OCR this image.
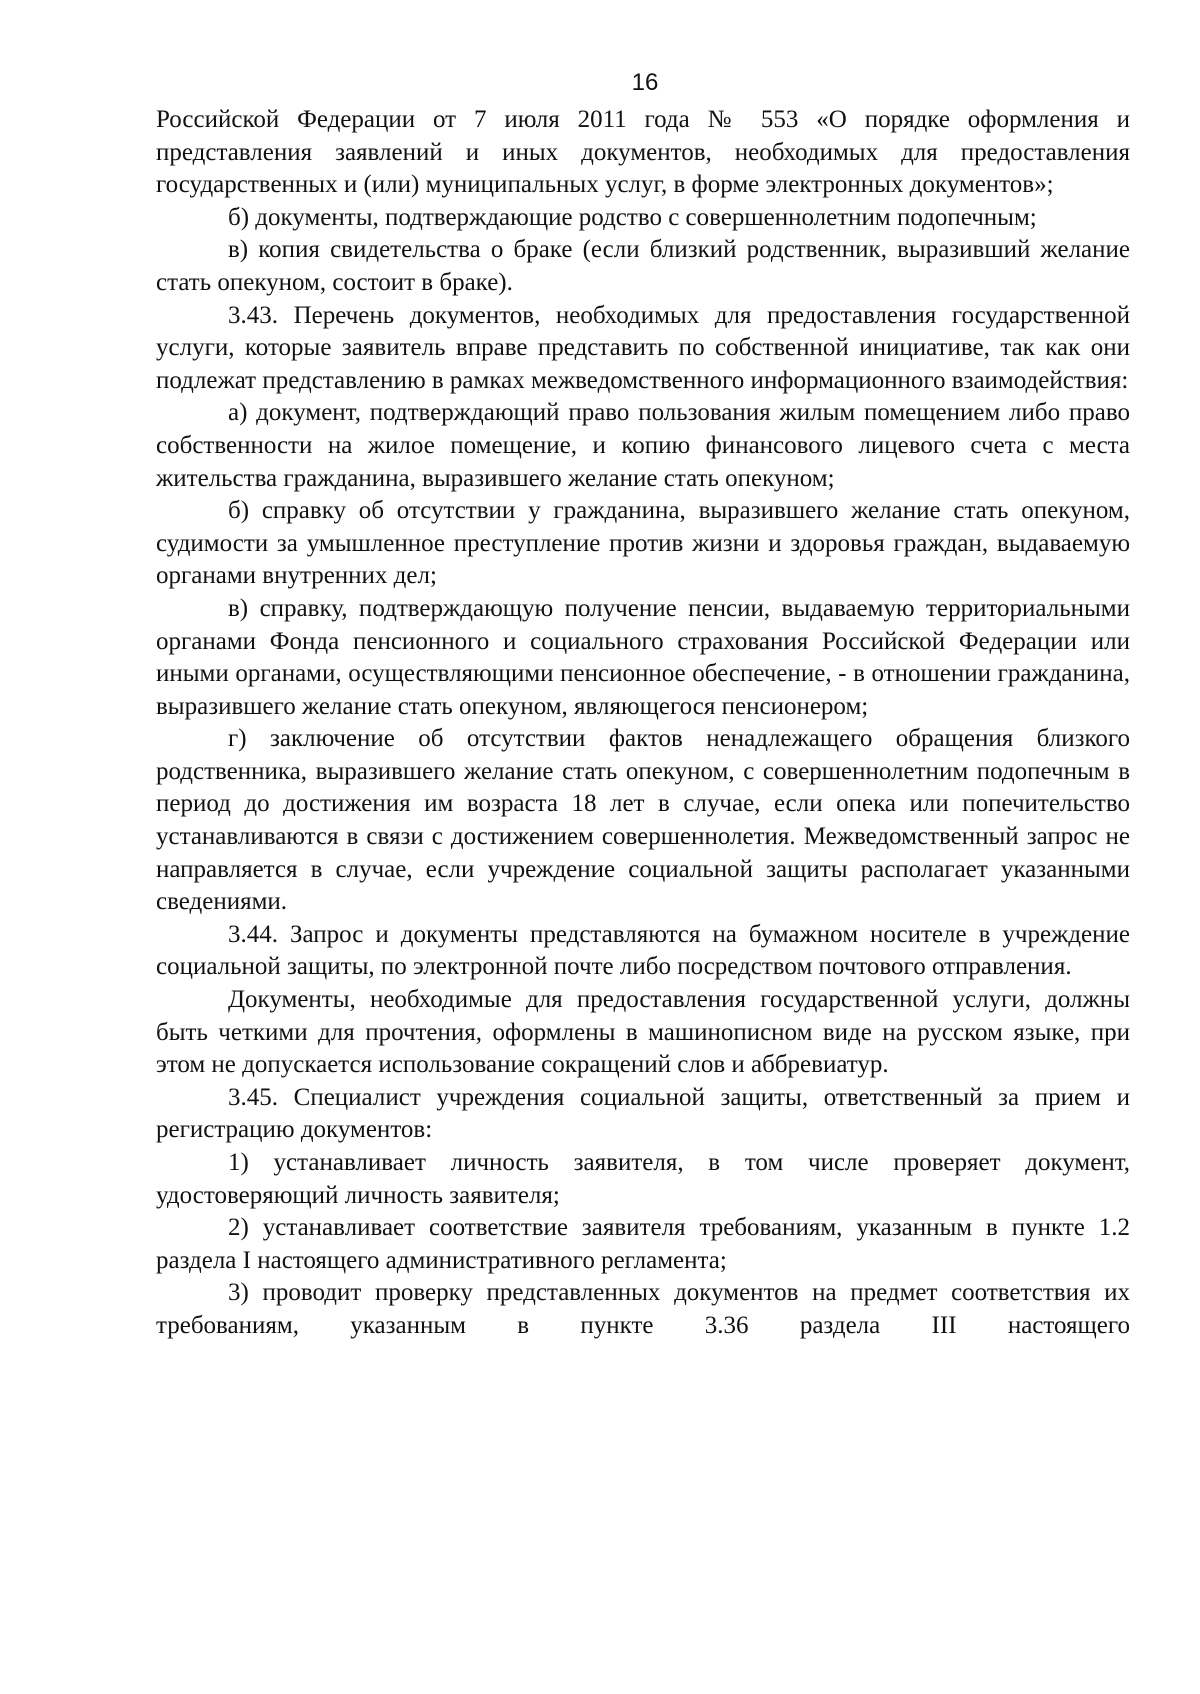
16

Российской Федерации от 7 июля 2011 года № 553 «О порядке оформления и представления заявлений и иных документов, необходимых для предоставления государственных и (или) муниципальных услуг, в форме электронных документов»;

б) документы, подтверждающие родство с совершеннолетним подопечным;

в) копия свидетельства о браке (если близкий родственник, выразивший желание стать опекуном, состоит в браке).

3.43. Перечень документов, необходимых для предоставления государственной услуги, которые заявитель вправе представить по собственной инициативе, так как они подлежат представлению в рамках межведомственного информационного взаимодействия:

а) документ, подтверждающий право пользования жилым помещением либо право собственности на жилое помещение, и копию финансового лицевого счета с места жительства гражданина, выразившего желание стать опекуном;

б) справку об отсутствии у гражданина, выразившего желание стать опекуном, судимости за умышленное преступление против жизни и здоровья граждан, выдаваемую органами внутренних дел;

в) справку, подтверждающую получение пенсии, выдаваемую территориальными органами Фонда пенсионного и социального страхования Российской Федерации или иными органами, осуществляющими пенсионное обеспечение, - в отношении гражданина, выразившего желание стать опекуном, являющегося пенсионером;

г) заключение об отсутствии фактов ненадлежащего обращения близкого родственника, выразившего желание стать опекуном, с совершеннолетним подопечным в период до достижения им возраста 18 лет в случае, если опека или попечительство устанавливаются в связи с достижением совершеннолетия. Межведомственный запрос не направляется в случае, если учреждение социальной защиты располагает указанными сведениями.

3.44. Запрос и документы представляются на бумажном носителе в учреждение социальной защиты, по электронной почте либо посредством почтового отправления.

Документы, необходимые для предоставления государственной услуги, должны быть четкими для прочтения, оформлены в машинописном виде на русском языке, при этом не допускается использование сокращений слов и аббревиатур.

3.45. Специалист учреждения социальной защиты, ответственный за прием и регистрацию документов:

1) устанавливает личность заявителя, в том числе проверяет документ, удостоверяющий личность заявителя;

2) устанавливает соответствие заявителя требованиям, указанным в пункте 1.2 раздела I настоящего административного регламента;

3) проводит проверку представленных документов на предмет соответствия их требованиям, указанным в пункте 3.36 раздела III настоящего
